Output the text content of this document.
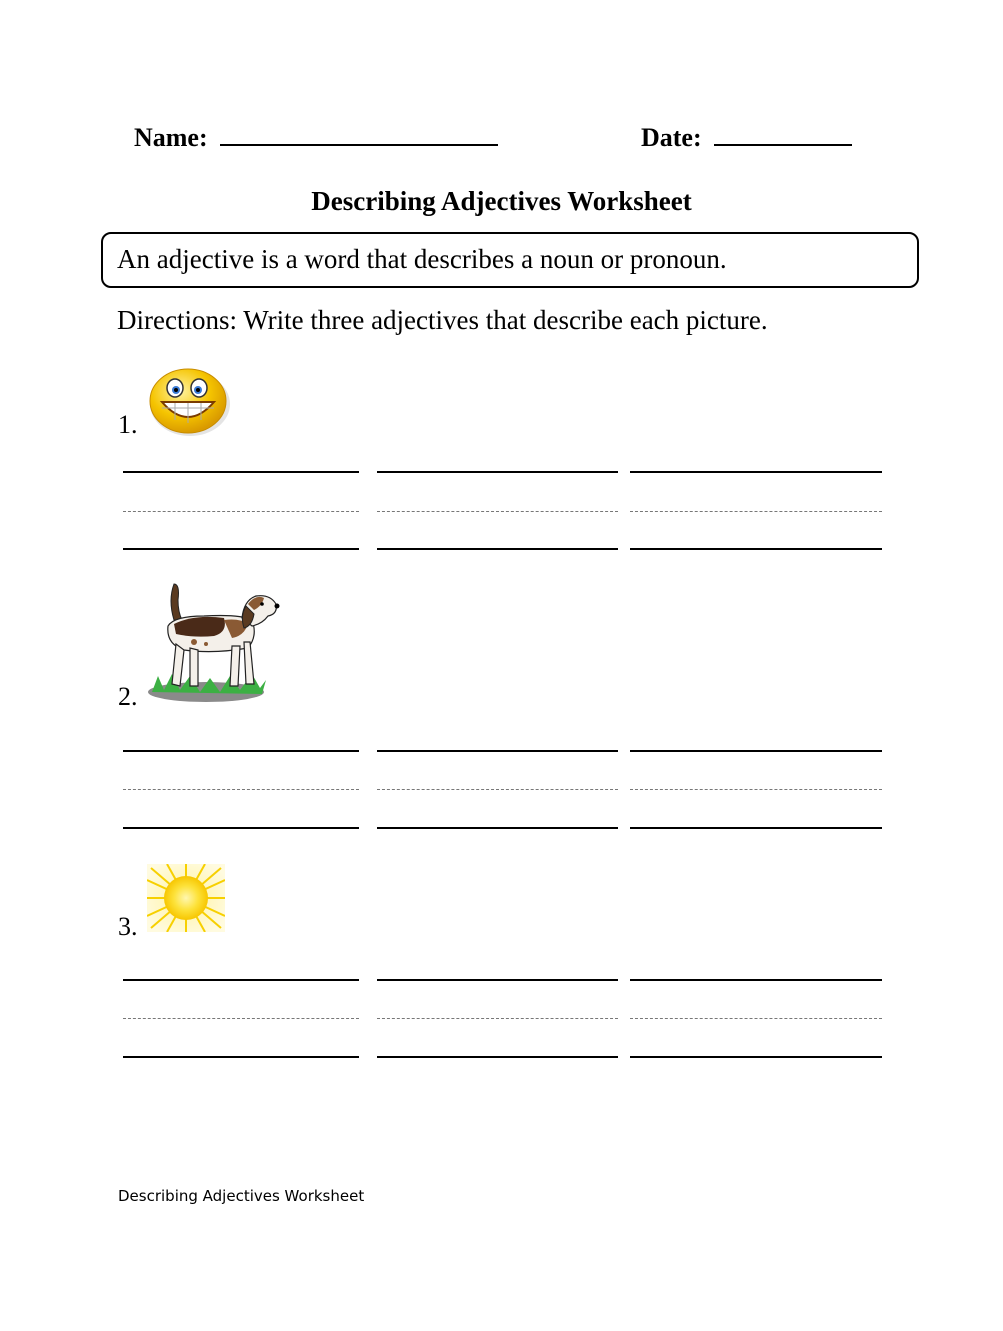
Name:	Date:
Describing Adjectives Worksheet
An adjective is a word that describes a noun or pronoun.
Directions: Write three adjectives that describe each picture.
1.
2.
3.
Describing Adjectives Worksheet
